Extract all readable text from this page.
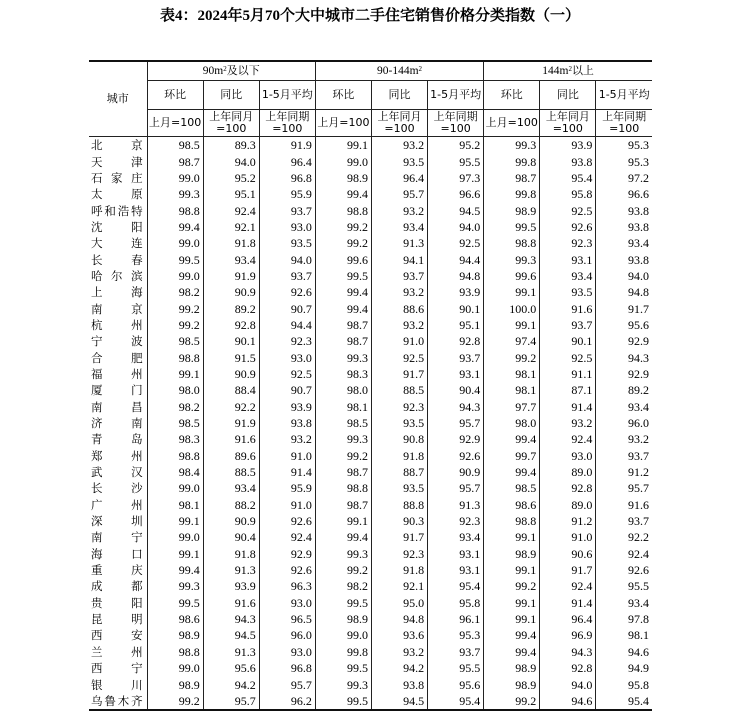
表4：2024年5月70个大中城市二手住宅销售价格分类指数（一）
城市	$90m^2$及以下			$90-144m^2$			$144m^2$以上		
	环比	同比	1-5月平均	环比	同比	1-5月平均	环比	同比	1-5月平均
	上月=100	上年同月=100	上年同期=100	上月=100	上年同月=100	上年同期=100	上月=100	上年同月=100	上年同期=100
北京	98.5	89.3	91.9	99.1	93.2	95.2	99.3	93.9	95.3
天津	98.7	94.0	96.4	99.0	93.5	95.5	99.8	93.8	95.3
石家庄	99.0	95.2	96.8	98.9	96.4	97.3	98.7	95.4	97.2
太原	99.3	95.1	95.9	99.4	95.7	96.6	99.8	95.8	96.6
呼和浩特	98.8	92.4	93.7	98.8	93.2	94.5	98.9	92.5	93.8
沈阳	99.4	92.1	93.0	99.2	93.4	94.0	99.5	92.6	93.8
大连	99.0	91.8	93.5	99.2	91.3	92.5	98.8	92.3	93.4
长春	99.5	93.4	94.0	99.6	94.1	94.4	99.3	93.1	93.8
哈尔滨	99.0	91.9	93.7	99.5	93.7	94.8	99.6	93.4	94.0
上海	98.2	90.9	92.6	99.4	93.2	93.9	99.1	93.5	94.8
南京	99.2	89.2	90.7	99.4	88.6	90.1	100.0	91.6	91.7
杭州	99.2	92.8	94.4	98.7	93.2	95.1	99.1	93.7	95.6
宁波	98.5	90.1	92.3	98.7	91.0	92.8	97.4	90.1	92.9
合肥	98.8	91.5	93.0	99.3	92.5	93.7	99.2	92.5	94.3
福州	99.1	90.9	92.5	98.3	91.7	93.1	98.1	91.1	92.9
厦门	98.0	88.4	90.7	98.0	88.5	90.4	98.1	87.1	89.2
南昌	98.2	92.2	93.9	98.1	92.3	94.3	97.7	91.4	93.4
济南	98.5	91.9	93.8	98.5	93.5	95.7	98.0	93.2	96.0
青岛	98.3	91.6	93.2	99.3	90.8	92.9	99.4	92.4	93.2
郑州	98.8	89.6	91.0	99.2	91.8	92.6	99.7	93.0	93.7
武汉	98.4	88.5	91.4	98.7	88.7	90.9	99.4	89.0	91.2
长沙	99.0	93.4	95.9	98.8	93.5	95.7	98.5	92.8	95.7
广州	98.1	88.2	91.0	98.7	88.8	91.3	98.6	89.0	91.6
深圳	99.1	90.9	92.6	99.1	90.3	92.3	98.8	91.2	93.7
南宁	99.0	90.4	92.4	99.4	91.7	93.4	99.1	91.0	92.2
海口	99.1	91.8	92.9	99.3	92.3	93.1	98.9	90.6	92.4
重庆	99.4	91.3	92.6	99.2	91.8	93.1	99.1	91.7	92.6
成都	99.3	93.9	96.3	98.2	92.1	95.4	99.2	92.4	95.5
贵阳	99.5	91.6	93.0	99.5	95.0	95.8	99.1	91.4	93.4
昆明	98.6	94.3	96.5	98.9	94.8	96.1	99.1	96.4	97.8
西安	98.9	94.5	96.0	99.0	93.6	95.3	99.4	96.9	98.1
兰州	98.8	91.3	93.0	99.8	93.2	93.7	99.4	94.3	94.6
西宁	99.0	95.6	96.8	99.5	94.2	95.5	98.9	92.8	94.9
银川	98.9	94.2	95.7	99.3	93.8	95.6	98.9	94.0	95.8
乌鲁木齐	99.2	95.7	96.2	99.5	94.5	95.4	99.2	94.6	95.4
